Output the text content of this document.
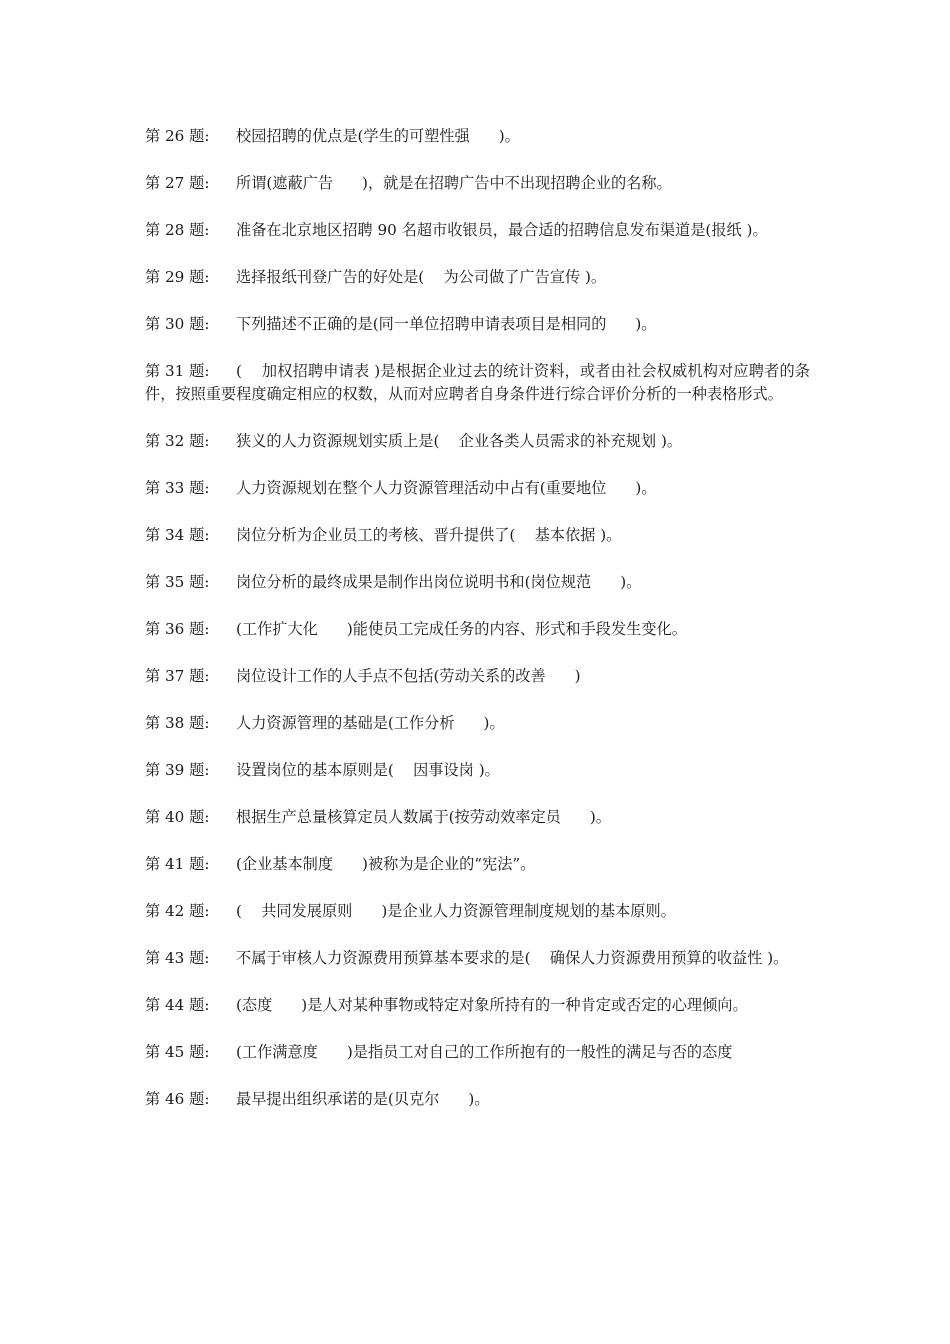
第 26 题: 校园招聘的优点是(学生的可塑性强      )。
第 27 题: 所谓(遮蔽广告      )，就是在招聘广告中不出现招聘企业的名称。
第 28 题: 准备在北京地区招聘 90 名超市收银员，最合适的招聘信息发布渠道是(报纸 )。
第 29 题: 选择报纸刊登广告的好处是(    为公司做了广告宣传 )。
第 30 题: 下列描述不正确的是(同一单位招聘申请表项目是相同的      )。
第 31 题: (    加权招聘申请表 )是根据企业过去的统计资料，或者由社会权威机构对应聘者的条件，按照重要程度确定相应的权数，从而对应聘者自身条件进行综合评价分析的一种表格形式。
第 32 题: 狭义的人力资源规划实质上是(    企业各类人员需求的补充规划 )。
第 33 题: 人力资源规划在整个人力资源管理活动中占有(重要地位      )。
第 34 题: 岗位分析为企业员工的考核、晋升提供了(    基本依据 )。
第 35 题: 岗位分析的最终成果是制作出岗位说明书和(岗位规范      )。
第 36 题: (工作扩大化      )能使员工完成任务的内容、形式和手段发生变化。
第 37 题: 岗位设计工作的人手点不包括(劳动关系的改善      )
第 38 题: 人力资源管理的基础是(工作分析      )。
第 39 题: 设置岗位的基本原则是(    因事设岗 )。
第 40 题: 根据生产总量核算定员人数属于(按劳动效率定员      )。
第 41 题: (企业基本制度      )被称为是企业的“宪法”。
第 42 题: (    共同发展原则      )是企业人力资源管理制度规划的基本原则。
第 43 题: 不属于审核人力资源费用预算基本要求的是(    确保人力资源费用预算的收益性 )。
第 44 题: (态度      )是人对某种事物或特定对象所持有的一种肯定或否定的心理倾向。
第 45 题: (工作满意度      )是指员工对自己的工作所抱有的一般性的满足与否的态度
第 46 题: 最早提出组织承诺的是(贝克尔      )。
